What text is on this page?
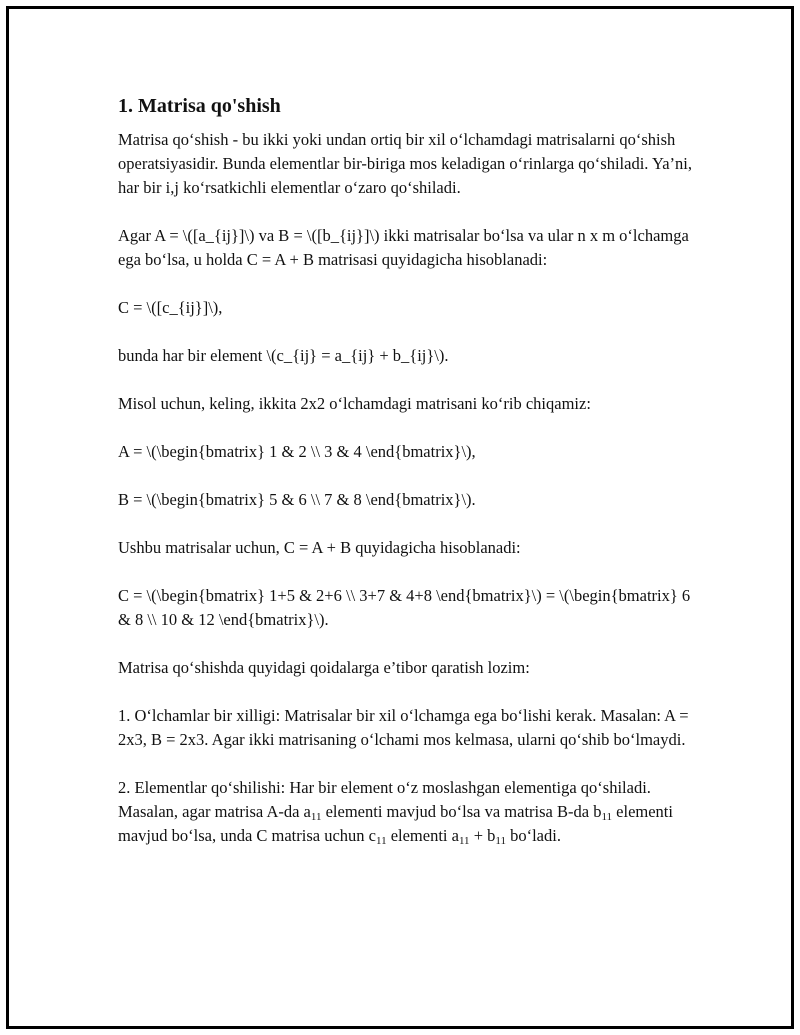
1. Matrisa qo'shish

Matrisa qo‘shish - bu ikki yoki undan ortiq bir xil o‘lchamdagi matrisalarni qo‘shish operatsiyasidir. Bunda elementlar bir-biriga mos keladigan o‘rinlarga qo‘shiladi. Ya’ni, har bir i,j ko‘rsatkichli elementlar o‘zaro qo‘shiladi.

Agar A = \([a_{ij}]\) va B = \([b_{ij}]\) ikki matrisalar bo‘lsa va ular n x m o‘lchamga ega bo‘lsa, u holda C = A + B matrisasi quyidagicha hisoblanadi:

C = \([c_{ij}]\),

bunda har bir element \(c_{ij} = a_{ij} + b_{ij}\).

Misol uchun, keling, ikkita 2x2 o‘lchamdagi matrisani ko‘rib chiqamiz:

A = \(\begin{bmatrix} 1 & 2 \\ 3 & 4 \end{bmatrix}\),

B = \(\begin{bmatrix} 5 & 6 \\ 7 & 8 \end{bmatrix}\).

Ushbu matrisalar uchun, C = A + B quyidagicha hisoblanadi:

C = \(\begin{bmatrix} 1+5 & 2+6 \\ 3+7 & 4+8 \end{bmatrix}\) = \(\begin{bmatrix} 6 & 8 \\ 10 & 12 \end{bmatrix}\).

Matrisa qo‘shishda quyidagi qoidalarga e’tibor qaratish lozim:

1. O‘lchamlar bir xilligi: Matrisalar bir xil o‘lchamga ega bo‘lishi kerak. Masalan: A = 2x3, B = 2x3. Agar ikki matrisaning o‘lchami mos kelmasa, ularni qo‘shib bo‘lmaydi.

2. Elementlar qo‘shilishi: Har bir element o‘z moslashgan elementiga qo‘shiladi. Masalan, agar matrisa A-da $a_{11}$ elementi mavjud bo‘lsa va matrisa B-da $b_{11}$ elementi mavjud bo‘lsa, unda C matrisa uchun $c_{11}$ elementi $a_{11} + b_{11}$ bo‘ladi.
